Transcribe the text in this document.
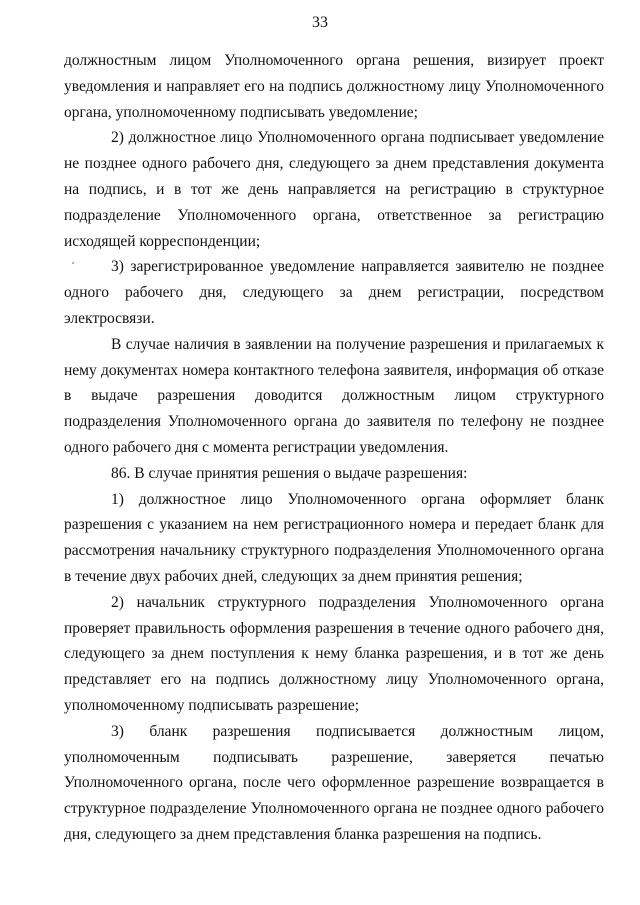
33

должностным лицом Уполномоченного органа решения, визирует проект уведомления и направляет его на подпись должностному лицу Уполномоченного органа, уполномоченному подписывать уведомление;

2) должностное лицо Уполномоченного органа подписывает уведомление не позднее одного рабочего дня, следующего за днем представления документа на подпись, и в тот же день направляется на регистрацию в структурное подразделение Уполномоченного органа, ответственное за регистрацию исходящей корреспонденции;

3) зарегистрированное уведомление направляется заявителю не позднее одного рабочего дня, следующего за днем регистрации, посредством электросвязи.

В случае наличия в заявлении на получение разрешения и прилагаемых к нему документах номера контактного телефона заявителя, информация об отказе в выдаче разрешения доводится должностным лицом структурного подразделения Уполномоченного органа до заявителя по телефону не позднее одного рабочего дня с момента регистрации уведомления.

86. В случае принятия решения о выдаче разрешения:

1) должностное лицо Уполномоченного органа оформляет бланк разрешения с указанием на нем регистрационного номера и передает бланк для рассмотрения начальнику структурного подразделения Уполномоченного органа в течение двух рабочих дней, следующих за днем принятия решения;

2) начальник структурного подразделения Уполномоченного органа проверяет правильность оформления разрешения в течение одного рабочего дня, следующего за днем поступления к нему бланка разрешения, и в тот же день представляет его на подпись должностному лицу Уполномоченного органа, уполномоченному подписывать разрешение;

3) бланк разрешения подписывается должностным лицом, уполномоченным подписывать разрешение, заверяется печатью Уполномоченного органа, после чего оформленное разрешение возвращается в структурное подразделение Уполномоченного органа не позднее одного рабочего дня, следующего за днем представления бланка разрешения на подпись.
